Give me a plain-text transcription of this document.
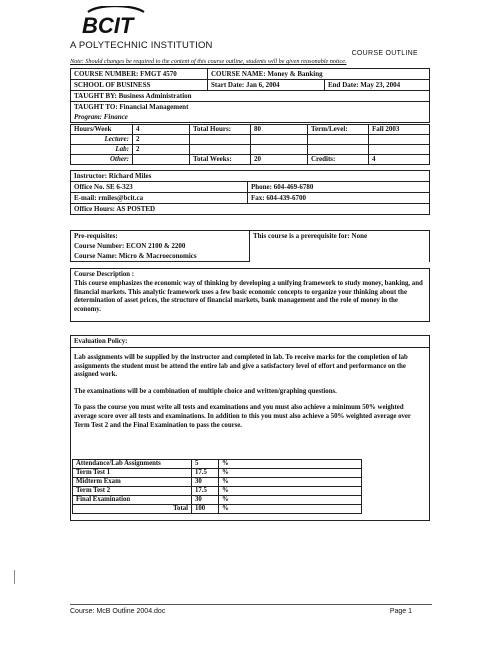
BCIT
A POLYTECHNIC INSTITUTION
COURSE OUTLINE
Note: Should changes be required to the content of this course outline, students will be given reasonable notice.
COURSE NUMBER: FMGT 4570	COURSE NAME: Money & Banking	
SCHOOL OF BUSINESS	Start Date: Jan 6, 2004	End Date: May 23, 2004
TAUGHT BY: Business Administration		
TAUGHT TO: Financial Management		
Program: Finance		
Hours/Week	4	Total Hours:	80	Term/Level:	Fall 2003
Lecture:	2				
Lab:	2				
Other:		Total Weeks:	20	Credits:	4
Instructor: Richard Miles	
Office No. SE 6-323	Phone: 604-469-6780
E-mail: rmiles@bcit.ca	Fax: 604-439-6700
Office Hours: AS POSTED	
Pre-requisites:	This course is a prerequisite for: None
Course Number: ECON 2100 & 2200
Course Name: Micro & Macroeconomics
Course Description :

This course emphasizes the economic way of thinking by developing a unifying framework to study money, banking, and financial markets. This analytic framework uses a few basic economic concepts to organize your thinking about the determination of asset prices, the structure of financial markets, bank management and the role of money in the economy.

Evaluation Policy:

Lab assignments will be supplied by the instructor and completed in lab. To receive marks for the completion of lab assignments the student must be attend the entire lab and give a satisfactory level of effort and performance on the assigned work.

The examinations will be a combination of multiple choice and written/graphing questions.

To pass the course you must write all tests and examinations and you must also achieve a minimum 50% weighted average score over all tests and examinations. In addition to this you must also achieve a 50% weighted average over Term Test 2 and the Final Examination to pass the course.

Attendance/Lab Assignments	5	%
Term Test 1	17.5	%
Midterm Exam	30	%
Term Test 2	17.5	%
Final Examination	30	%
Total	100	%
Course: McB Outline 2004.doc	Page 1
